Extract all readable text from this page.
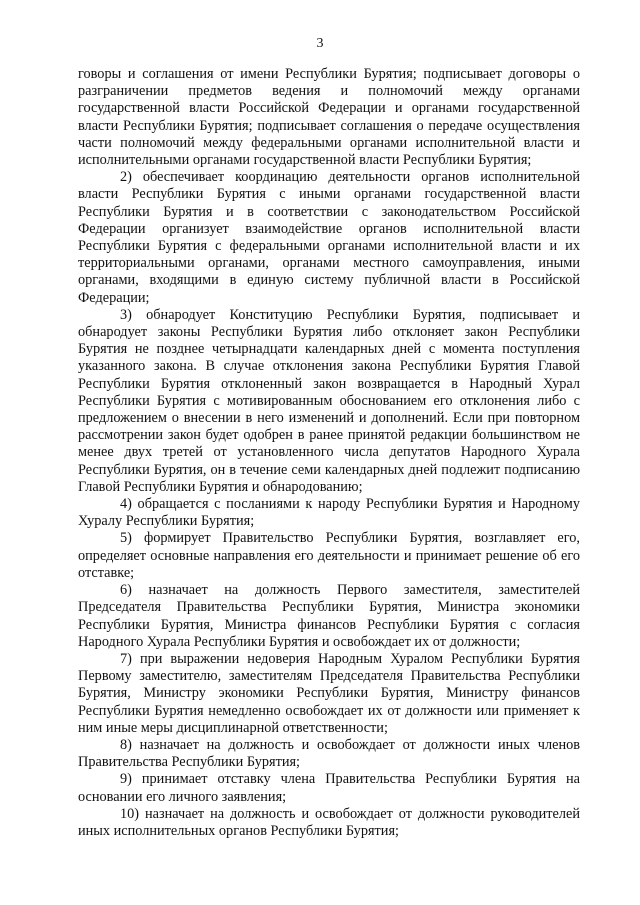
3

говоры и соглашения от имени Республики Бурятия; подписывает договоры о разграничении предметов ведения и полномочий между органами государственной власти Российской Федерации и органами государственной власти Республики Бурятия; подписывает соглашения о передаче осуществления части полномочий между федеральными органами исполнительной власти и исполнительными органами государственной власти Республики Бурятия;

2) обеспечивает координацию деятельности органов исполнительной власти Республики Бурятия с иными органами государственной власти Республики Бурятия и в соответствии с законодательством Российской Федерации организует взаимодействие органов исполнительной власти Республики Бурятия с федеральными органами исполнительной власти и их территориальными органами, органами местного самоуправления, иными органами, входящими в единую систему публичной власти в Российской Федерации;

3) обнародует Конституцию Республики Бурятия, подписывает и обнародует законы Республики Бурятия либо отклоняет закон Республики Бурятия не позднее четырнадцати календарных дней с момента поступления указанного закона. В случае отклонения закона Республики Бурятия Главой Республики Бурятия отклоненный закон возвращается в Народный Хурал Республики Бурятия с мотивированным обоснованием его отклонения либо с предложением о внесении в него изменений и дополнений. Если при повторном рассмотрении закон будет одобрен в ранее принятой редакции большинством не менее двух третей от установленного числа депутатов Народного Хурала Республики Бурятия, он в течение семи календарных дней подлежит подписанию Главой Республики Бурятия и обнародованию;

4) обращается с посланиями к народу Республики Бурятия и Народному Хуралу Республики Бурятия;

5) формирует Правительство Республики Бурятия, возглавляет его, определяет основные направления его деятельности и принимает решение об его отставке;

6) назначает на должность Первого заместителя, заместителей Председателя Правительства Республики Бурятия, Министра экономики Республики Бурятия, Министра финансов Республики Бурятия с согласия Народного Хурала Республики Бурятия и освобождает их от должности;

7) при выражении недоверия Народным Хуралом Республики Бурятия Первому заместителю, заместителям Председателя Правительства Республики Бурятия, Министру экономики Республики Бурятия, Министру финансов Республики Бурятия немедленно освобождает их от должности или применяет к ним иные меры дисциплинарной ответственности;

8) назначает на должность и освобождает от должности иных членов Правительства Республики Бурятия;

9) принимает отставку члена Правительства Республики Бурятия на основании его личного заявления;

10) назначает на должность и освобождает от должности руководителей иных исполнительных органов Республики Бурятия;
